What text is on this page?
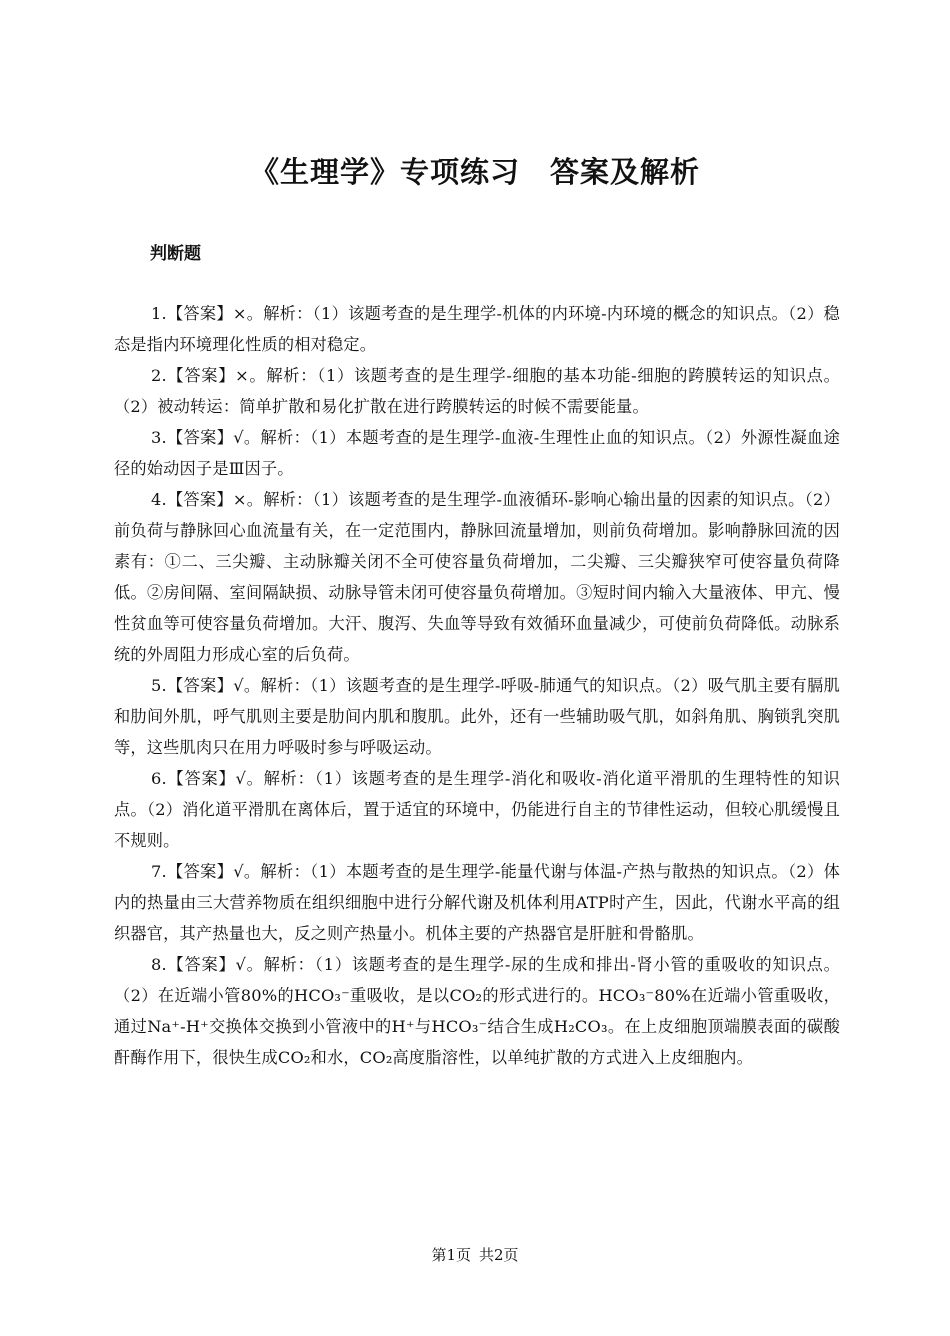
《生理学》专项练习　答案及解析
判断题

1.【答案】×。解析：（1）该题考查的是生理学-机体的内环境-内环境的概念的知识点。（2）稳态是指内环境理化性质的相对稳定。

2.【答案】×。解析：（1）该题考查的是生理学-细胞的基本功能-细胞的跨膜转运的知识点。（2）被动转运：简单扩散和易化扩散在进行跨膜转运的时候不需要能量。

3.【答案】√。解析：（1）本题考查的是生理学-血液-生理性止血的知识点。（2）外源性凝血途径的始动因子是Ⅲ因子。

4.【答案】×。解析：（1）该题考查的是生理学-血液循环-影响心输出量的因素的知识点。（2）前负荷与静脉回心血流量有关，在一定范围内，静脉回流量增加，则前负荷增加。影响静脉回流的因素有：①二、三尖瓣、主动脉瓣关闭不全可使容量负荷增加，二尖瓣、三尖瓣狭窄可使容量负荷降低。②房间隔、室间隔缺损、动脉导管未闭可使容量负荷增加。③短时间内输入大量液体、甲亢、慢性贫血等可使容量负荷增加。大汗、腹泻、失血等导致有效循环血量减少，可使前负荷降低。动脉系统的外周阻力形成心室的后负荷。

5.【答案】√。解析：（1）该题考查的是生理学-呼吸-肺通气的知识点。（2）吸气肌主要有膈肌和肋间外肌，呼气肌则主要是肋间内肌和腹肌。此外，还有一些辅助吸气肌，如斜角肌、胸锁乳突肌等，这些肌肉只在用力呼吸时参与呼吸运动。

6.【答案】√。解析：（1）该题考查的是生理学-消化和吸收-消化道平滑肌的生理特性的知识点。（2）消化道平滑肌在离体后，置于适宜的环境中，仍能进行自主的节律性运动，但较心肌缓慢且不规则。

7.【答案】√。解析：（1）本题考查的是生理学-能量代谢与体温-产热与散热的知识点。（2）体内的热量由三大营养物质在组织细胞中进行分解代谢及机体利用ATP时产生，因此，代谢水平高的组织器官，其产热量也大，反之则产热量小。机体主要的产热器官是肝脏和骨骼肌。

8.【答案】√。解析：（1）该题考查的是生理学-尿的生成和排出-肾小管的重吸收的知识点。（2）在近端小管80%的HCO₃⁻重吸收，是以CO₂的形式进行的。HCO₃⁻80%在近端小管重吸收，通过Na⁺-H⁺交换体交换到小管液中的H⁺与HCO₃⁻结合生成H₂CO₃。在上皮细胞顶端膜表面的碳酸酐酶作用下，很快生成CO₂和水，CO₂高度脂溶性，以单纯扩散的方式进入上皮细胞内。

第1页 共2页
